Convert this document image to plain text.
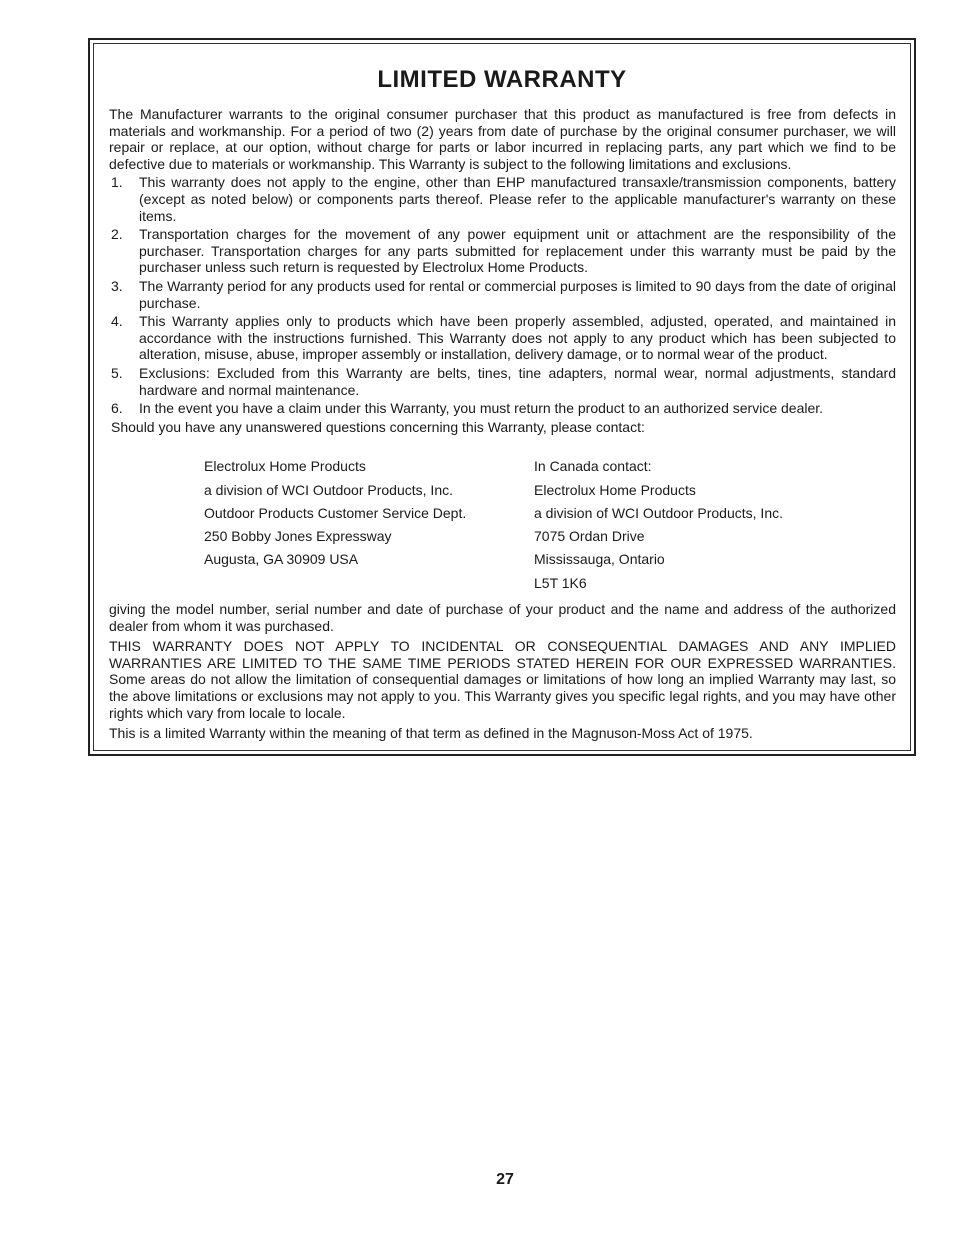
LIMITED WARRANTY

The Manufacturer warrants to the original consumer purchaser that this product as manufactured is free from defects in materials and workmanship. For a period of two (2) years from date of purchase by the original consumer purchaser, we will repair or replace, at our option, without charge for parts or labor incurred in replacing parts, any part which we find to be defective due to materials or workmanship. This Warranty is subject to the following limitations and exclusions.

1. This warranty does not apply to the engine, other than EHP manufactured transaxle/transmission components, battery (except as noted below) or components parts thereof. Please refer to the applicable manufacturer's warranty on these items.
2. Transportation charges for the movement of any power equipment unit or attachment are the responsibility of the purchaser. Transportation charges for any parts submitted for replacement under this warranty must be paid by the purchaser unless such return is requested by Electrolux Home Products.
3. The Warranty period for any products used for rental or commercial purposes is limited to 90 days from the date of original purchase.
4. This Warranty applies only to products which have been properly assembled, adjusted, operated, and maintained in accordance with the instructions furnished. This Warranty does not apply to any product which has been subjected to alteration, misuse, abuse, improper assembly or installation, delivery damage, or to normal wear of the product.
5. Exclusions: Excluded from this Warranty are belts, tines, tine adapters, normal wear, normal adjustments, standard hardware and normal maintenance.
6. In the event you have a claim under this Warranty, you must return the product to an authorized service dealer.

Should you have any unanswered questions concerning this Warranty, please contact:

Electrolux Home Products
a division of WCI Outdoor Products, Inc.
Outdoor Products Customer Service Dept.
250 Bobby Jones Expressway
Augusta, GA 30909 USA
In Canada contact:
Electrolux Home Products
a division of WCI Outdoor Products, Inc.
7075 Ordan Drive
Mississauga, Ontario
L5T 1K6

giving the model number, serial number and date of purchase of your product and the name and address of the authorized dealer from whom it was purchased.

THIS WARRANTY DOES NOT APPLY TO INCIDENTAL OR CONSEQUENTIAL DAMAGES AND ANY IMPLIED WARRANTIES ARE LIMITED TO THE SAME TIME PERIODS STATED HEREIN FOR OUR EXPRESSED WARRANTIES. Some areas do not allow the limitation of consequential damages or limitations of how long an implied Warranty may last, so the above limitations or exclusions may not apply to you. This Warranty gives you specific legal rights, and you may have other rights which vary from locale to locale.

This is a limited Warranty within the meaning of that term as defined in the Magnuson-Moss Act of 1975.

27
